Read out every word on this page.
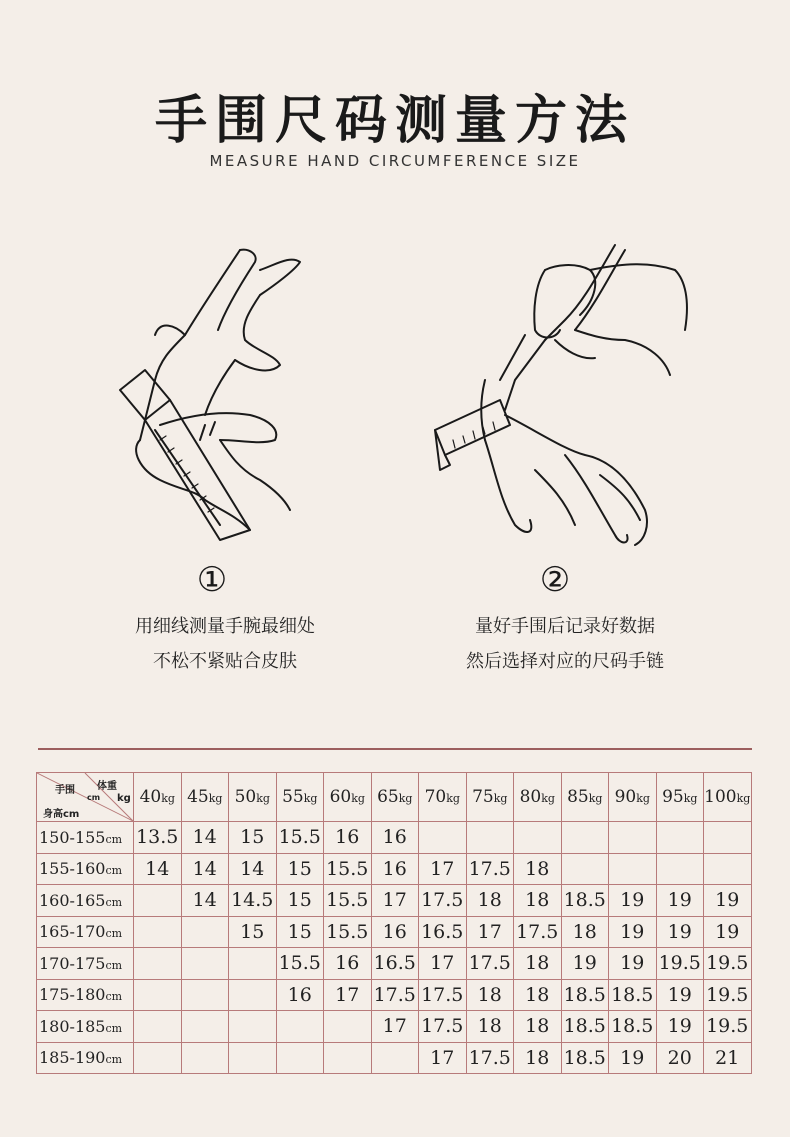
手围尺码测量方法
MEASURE HAND CIRCUMFERENCE SIZE
①
用细线测量手腕最细处
不松不紧贴合皮肤
②
量好手围后记录好数据
然后选择对应的尺码手链
手围 体重
cm kg
身高cm	40kg	45kg	50kg	55kg	60kg	65kg	70kg	75kg	80kg	85kg	90kg	95kg	100kg
150-155cm	13.5	14	15	15.5	16	16							
155-160cm	14	14	14	15	15.5	16	17	17.5	18				
160-165cm		14	14.5	15	15.5	17	17.5	18	18	18.5	19	19	19
165-170cm			15	15	15.5	16	16.5	17	17.5	18	19	19	19
170-175cm				15.5	16	16.5	17	17.5	18	19	19	19.5	19.5
175-180cm				16	17	17.5	17.5	18	18	18.5	18.5	19	19.5
180-185cm						17	17.5	18	18	18.5	18.5	19	19.5
185-190cm							17	17.5	18	18.5	19	20	21
